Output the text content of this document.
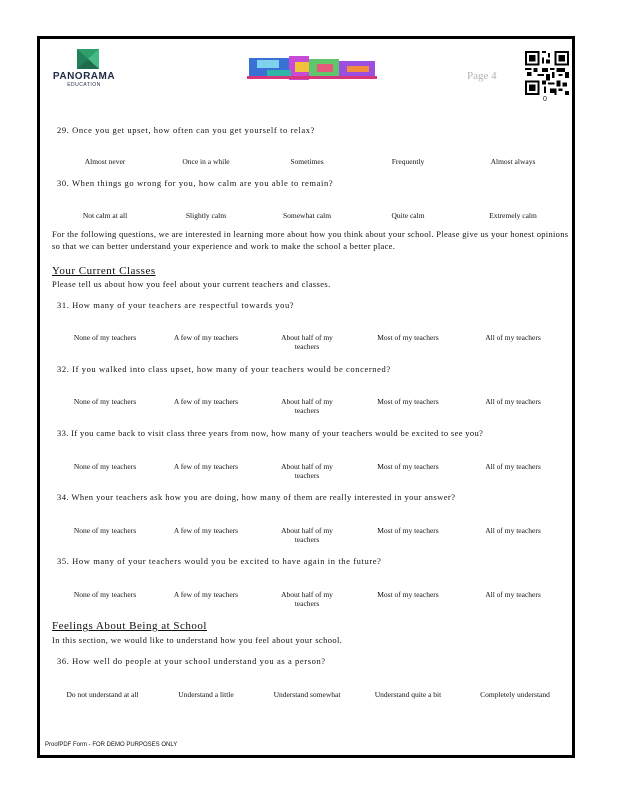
PANORAMA
EDUCATION
Page 4
0
29. Once you get upset, how often can you get yourself to relax?
Almost never	Once in a while	Sometimes	Frequently	Almost always
30. When things go wrong for you, how calm are you able to remain?
Not calm at all	Slightly calm	Somewhat calm	Quite calm	Extremely calm
For the following questions, we are interested in learning more about how you think about your school. Please give us your honest opinions so that we can better understand your experience and work to make the school a better place.
Your Current Classes
Please tell us about how you feel about your current teachers and classes.
31. How many of your teachers are respectful towards you?
None of my teachers	A few of my teachers	About half of my teachers
Most of my teachers	All of my teachers
32. If you walked into class upset, how many of your teachers would be concerned?
None of my teachers	A few of my teachers	About half of my teachers
Most of my teachers	All of my teachers
33. If you came back to visit class three years from now, how many of your teachers would be excited to see you?
None of my teachers	A few of my teachers	About half of my teachers
Most of my teachers	All of my teachers
34. When your teachers ask how you are doing, how many of them are really interested in your answer?
None of my teachers	A few of my teachers	About half of my teachers
Most of my teachers	All of my teachers
35. How many of your teachers would you be excited to have again in the future?
None of my teachers	A few of my teachers	About half of my teachers
Most of my teachers	All of my teachers
Feelings About Being at School
In this section, we would like to understand how you feel about your school.
36. How well do people at your school understand you as a person?
Do not understand at all	Understand a little	Understand somewhat	Understand quite a bit	Completely understand
ProofPDF Form - FOR DEMO PURPOSES ONLY
